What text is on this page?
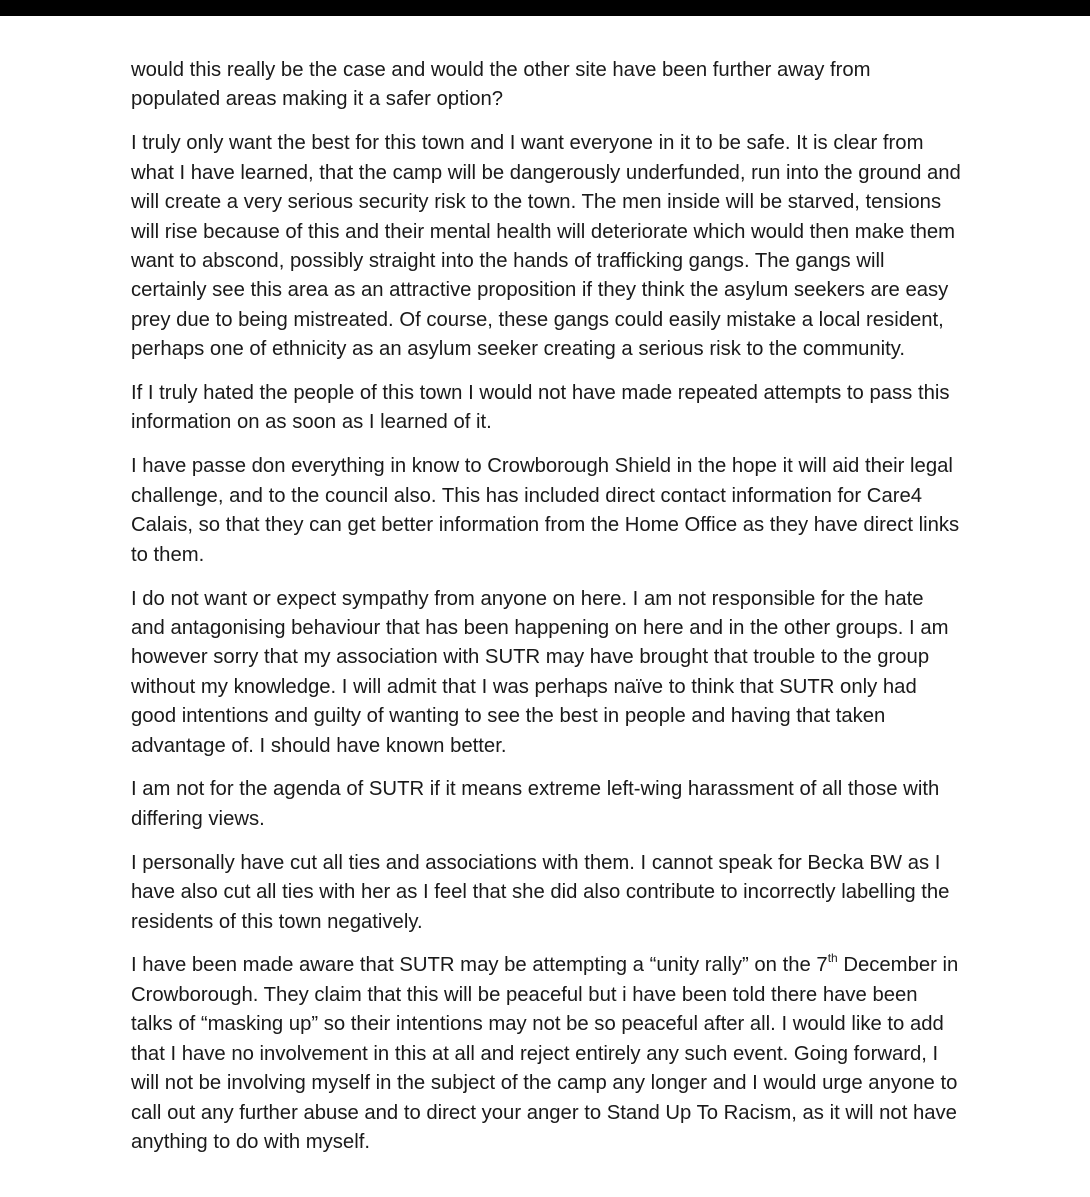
would this really be the case and would the other site have been further away from populated areas making it a safer option?

I truly only want the best for this town and I want everyone in it to be safe. It is clear from what I have learned, that the camp will be dangerously underfunded, run into the ground and will create a very serious security risk to the town. The men inside will be starved, tensions will rise because of this and their mental health will deteriorate which would then make them want to abscond, possibly straight into the hands of trafficking gangs. The gangs will certainly see this area as an attractive proposition if they think the asylum seekers are easy prey due to being mistreated. Of course, these gangs could easily mistake a local resident, perhaps one of ethnicity as an asylum seeker creating a serious risk to the community.

If I truly hated the people of this town I would not have made repeated attempts to pass this information on as soon as I learned of it.

I have passe don everything in know to Crowborough Shield in the hope it will aid their legal challenge, and to the council also. This has included direct contact information for Care4 Calais, so that they can get better information from the Home Office as they have direct links to them.

I do not want or expect sympathy from anyone on here. I am not responsible for the hate and antagonising behaviour that has been happening on here and in the other groups. I am however sorry that my association with SUTR may have brought that trouble to the group without my knowledge. I will admit that I was perhaps naïve to think that SUTR only had good intentions and guilty of wanting to see the best in people and having that taken advantage of. I should have known better.

I am not for the agenda of SUTR if it means extreme left-wing harassment of all those with differing views.

I personally have cut all ties and associations with them. I cannot speak for Becka BW as I have also cut all ties with her as I feel that she did also contribute to incorrectly labelling the residents of this town negatively.

I have been made aware that SUTR may be attempting a “unity rally” on the 7th December in Crowborough. They claim that this will be peaceful but i have been told there have been talks of “masking up” so their intentions may not be so peaceful after all. I would like to add that I have no involvement in this at all and reject entirely any such event. Going forward, I will not be involving myself in the subject of the camp any longer and I would urge anyone to call out any further abuse and to direct your anger to Stand Up To Racism, as it will not have anything to do with myself.
